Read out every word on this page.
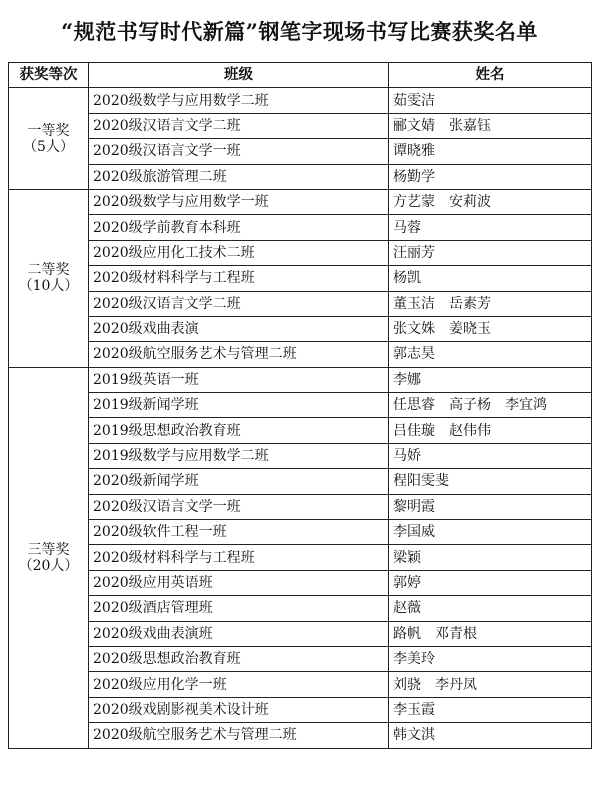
“规范书写时代新篇”钢笔字现场书写比赛获奖名单
获奖等次	班级	姓名

一等奖
（5人）	2020级数学与应用数学二班	茹雯洁
	2020级汉语言文学二班	郦文婧 张嘉钰
	2020级汉语言文学一班	谭晓雅
	2020级旅游管理二班	杨勤学

二等奖
（10人）	2020级数学与应用数学一班	方艺蒙 安莉波
	2020级学前教育本科班	马蓉
	2020级应用化工技术二班	汪丽芳
	2020级材料科学与工程班	杨凯
	2020级汉语言文学二班	董玉洁 岳素芳
	2020级戏曲表演	张文姝 姜晓玉
	2020级航空服务艺术与管理二班	郭志昊

三等奖
（20人）	2019级英语一班	李娜
	2019级新闻学班	任思睿 高子杨 李宜鸿
	2019级思想政治教育班	吕佳璇 赵伟伟
	2019级数学与应用数学二班	马娇
	2020级新闻学班	程阳雯斐
	2020级汉语言文学一班	黎明霞
	2020级软件工程一班	李国威
	2020级材料科学与工程班	梁颖
	2020级应用英语班	郭婷
	2020级酒店管理班	赵薇
	2020级戏曲表演班	路帆 邓青根
	2020级思想政治教育班	李美玲
	2020级应用化学一班	刘骁 李丹凤
	2020级戏剧影视美术设计班	李玉霞
	2020级航空服务艺术与管理二班	韩文淇
